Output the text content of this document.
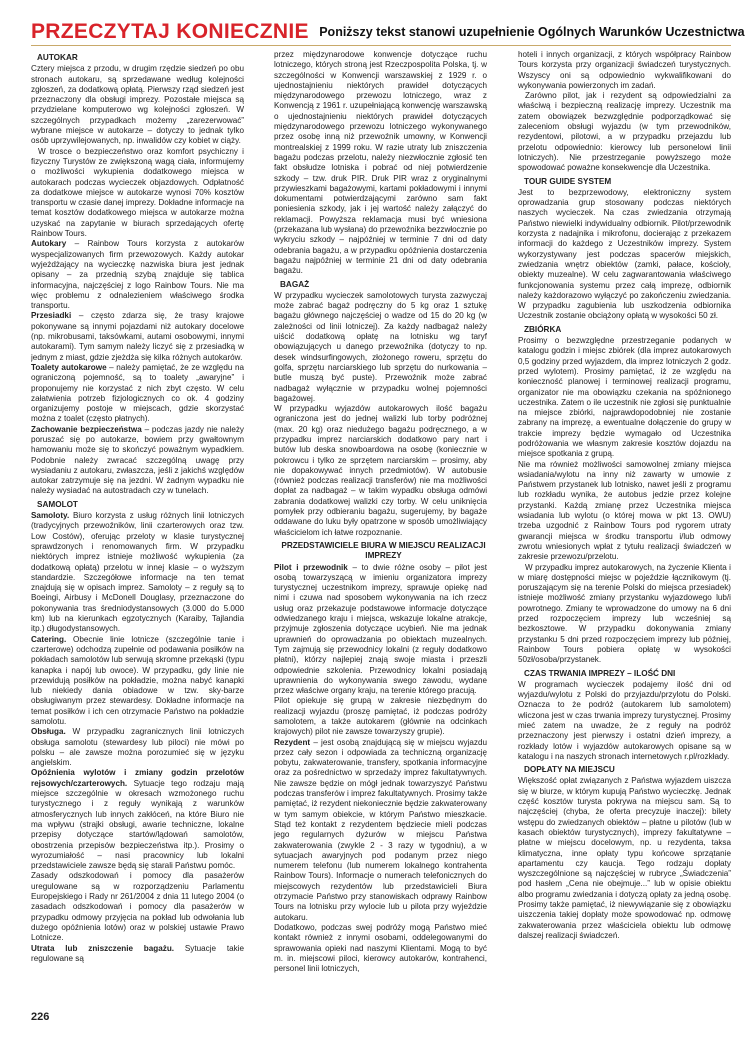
PRZECZYTAJ KONIECZNIE Poniższy tekst stanowi uzupełnienie Ogólnych Warunków Uczestnictwa
AUTOKAR

Cztery miejsca z przodu, w drugim rzędzie siedzeń po obu stronach autokaru, są sprzedawane według kolejności zgłoszeń, za dodatkową opłatą. Pierwszy rząd siedzeń jest przeznaczony dla obsługi imprezy. Pozostałe miejsca są przydzielane komputerowo wg kolejności zgłoszeń. W szczególnych przypadkach możemy „zarezerwować” wybrane miejsce w autokarze – dotyczy to jednak tylko osób uprzywilejowanych, np. inwalidów czy kobiet w ciąży.

W trosce o bezpieczeństwo oraz komfort psychiczny i fizyczny Turystów ze zwiększoną wagą ciała, informujemy o możliwości wykupienia dodatkowego miejsca w autokarach podczas wycieczek objazdowych. Odpłatność za dodatkowe miejsce w autokarze wynosi 70% kosztów transportu w czasie danej imprezy. Dokładne informacje na temat kosztów dodatkowego miejsca w autokarze można uzyskać na zapytanie w biurach sprzedających ofertę Rainbow Tours.

Autokary – Rainbow Tours korzysta z autokarów wyspecjalizowanych firm przewozowych. Każdy autokar wyjeżdżający na wycieczkę nazwiska biura jest jednak opisany – za przednią szybą znajduje się tablica informacyjna, najczęściej z logo Rainbow Tours. Nie ma więc problemu z odnalezieniem właściwego środka transportu.

Przesiadki – często zdarza się, że trasy krajowe pokonywane są innymi pojazdami niż autokary docelowe (np. mikrobusami, taksówkami, autami osobowymi, innymi autokarami). Tym samym należy liczyć się z przesiadką w jednym z miast, gdzie zjeżdża się kilka różnych autokarów.

Toalety autokarowe – należy pamiętać, że ze względu na ograniczoną pojemność, są to toalety „awaryjne” i proponujemy nie korzystać z nich zbyt często. W celu załatwienia potrzeb fizjologicznych co ok. 4 godziny organizujemy postoje w miejscach, gdzie skorzystać można z toalet (często płatnych).

Zachowanie bezpieczeństwa – podczas jazdy nie należy poruszać się po autokarze, bowiem przy gwałtownym hamowaniu może się to skończyć poważnym wypadkiem. Podobnie należy zwracać szczególną uwagę przy wysiadaniu z autokaru, zwłaszcza, jeśli z jakichś względów autokar zatrzymuje się na jezdni. W żadnym wypadku nie należy wysiadać na autostradach czy w tunelach.

SAMOLOT

Samoloty. Biuro korzysta z usług różnych linii lotniczych (tradycyjnych przewoźników, linii czarterowych oraz tzw. Low Costów), oferując przeloty w klasie turystycznej sprawdzonych i renomowanych firm. W przypadku niektórych imprez istnieje możliwość wykupienia (za dodatkową opłatą) przelotu w innej klasie – o wyższym standardzie. Szczegółowe informacje na ten temat znajdują się w opisach imprez. Samoloty – z reguły są to Boeingi, Airbusy i McDonell Douglasy, przeznaczone do pokonywania tras średniodystansowych (3.000 do 5.000 km) lub na kierunkach egzotycznych (Karaiby, Tajlandia itp.) długodystansowych.

Catering. Obecnie linie lotnicze (szczególnie tanie i czarterowe) odchodzą zupełnie od podawania posiłków na pokładach samolotów lub serwują skromne przekąski (typu kanapka i napój lub owoce). W przypadku, gdy linie nie przewidują posiłków na pokładzie, można nabyć kanapki lub niekiedy dania obiadowe w tzw. sky-barze obsługiwanym przez stewardesy. Dokładne informacje na temat posiłków i ich cen otrzymacie Państwo na pokładzie samolotu.

Obsługa. W przypadku zagranicznych linii lotniczych obsługa samolotu (stewardesy lub piloci) nie mówi po polsku – ale zawsze można porozumieć się w języku angielskim.

Opóźnienia wylotów i zmiany godzin przelotów rejsowych/czarterowych. Sytuacje tego rodzaju mają miejsce szczególnie w okresach wzmożonego ruchu turystycznego i z reguły wynikają z warunków atmosferycznych lub innych zakłóceń, na które Biuro nie ma wpływu (strajki obsługi, awarie techniczne, lokalne przepisy dotyczące startów/lądowań samolotów, obostrzenia przepisów bezpieczeństwa itp.). Prosimy o wyrozumiałość – nasi pracownicy lub lokalni przedstawiciele zawsze będą się starali Państwu pomóc.

Zasady odszkodowań i pomocy dla pasażerów uregulowane są w rozporządzeniu Parlamentu Europejskiego i Rady nr 261/2004 z dnia 11 lutego 2004 (o zasadach odszkodowań i pomocy dla pasażerów w przypadku odmowy przyjęcia na pokład lub odwołania lub dużego opóźnienia lotów) oraz w polskiej ustawie Prawo Lotnicze.

Utrata lub zniszczenie bagażu. Sytuacje takie regulowane są

przez międzynarodowe konwencje dotyczące ruchu lotniczego, których stroną jest Rzeczpospolita Polska, tj. w szczególności w Konwencji warszawskiej z 1929 r. o ujednostajnieniu niektórych prawideł dotyczących międzynarodowego przewozu lotniczego, wraz z Konwencją z 1961 r. uzupełniającą konwencję warszawską o ujednostajnieniu niektórych prawideł dotyczących międzynarodowego przewozu lotniczego wykonywanego przez osobę inną niż przewoźnik umowny, w Konwencji montrealskiej z 1999 roku. W razie utraty lub zniszczenia bagażu podczas przelotu, należy niezwłocznie zgłosić ten fakt obsłudze lotniska i pobrać od niej potwierdzenie szkody – tzw. druk PIR. Druk PIR wraz z oryginalnymi przywieszkami bagażowymi, kartami pokładowymi i innymi dokumentami potwierdzającymi zarówno sam fakt poniesienia szkody, jak i jej wartość należy załączyć do reklamacji. Powyższa reklamacja musi być wniesiona (przekazana lub wysłana) do przewoźnika bezzwłocznie po wykryciu szkody – najpóźniej w terminie 7 dni od daty odebrania bagażu, a w przypadku opóźnienia dostarczenia bagażu najpóźniej w terminie 21 dni od daty odebrania bagażu.

BAGAŻ

W przypadku wycieczek samolotowych turysta zazwyczaj może zabrać bagaż podręczny do 5 kg oraz 1 sztukę bagażu głównego najczęściej o wadze od 15 do 20 kg (w zależności od linii lotniczej). Za każdy nadbagaż należy uiścić dodatkową opłatę na lotnisku wg taryf obowiązujących u danego przewoźnika (dotyczy to np. desek windsurfingowych, złożonego roweru, sprzętu do golfa, sprzętu narciarskiego lub sprzętu do nurkowania – butle muszą być puste). Przewoźnik może zabrać nadbagaż wyłącznie w przypadku wolnej pojemności bagażowej.

W przypadku wyjazdów autokarowych ilość bagażu ograniczona jest do jednej walizki lub torby podróżnej (max. 20 kg) oraz niedużego bagażu podręcznego, a w przypadku imprez narciarskich dodatkowo pary nart i butów lub deska snowboardowa na osobę (koniecznie w pokrowcu i tylko ze sprzętem narciarskim – prosimy, aby nie dopakowywać innych przedmiotów). W autobusie (również podczas realizacji transferów) nie ma możliwości dopłat za nadbagaż – w takim wypadku obsługa odmówi zabrania dodatkowej walizki czy torby. W celu uniknięcia pomyłek przy odbieraniu bagażu, sugerujemy, by bagaże oddawane do luku były opatrzone w sposób umożliwiający właścicielom ich łatwe rozpoznanie.

PRZEDSTAWICIELE BIURA W MIEJSCU REALIZACJI IMPREZY

Pilot i przewodnik – to dwie różne osoby – pilot jest osobą towarzyszącą w imieniu organizatora imprezy turystycznej uczestnikom imprezy, sprawuje opiekę nad nimi i czuwa nad sposobem wykonywania na ich rzecz usług oraz przekazuje podstawowe informacje dotyczące odwiedzanego kraju i miejsca, wskazuje lokalne atrakcje, przyjmuje zgłoszenia dotyczące ucybień. Nie ma jednak uprawnień do oprowadzania po obiektach muzealnych. Tym zajmują się przewodnicy lokalni (z reguły dodatkowo płatni), którzy najlepiej znają swoje miasta i przeszli odpowiednie szkolenia. Przewodnicy lokalni posiadają uprawnienia do wykonywania swego zawodu, wydane przez właściwe organy kraju, na terenie którego pracują.

Pilot opiekuje się grupą w zakresie niezbędnym do realizacji wyjazdu (proszę pamiętać, iż podczas podróży samolotem, a także autokarem (głównie na odcinkach krajowych) pilot nie zawsze towarzyszy grupie).

Rezydent – jest osobą znajdującą się w miejscu wyjazdu przez cały sezon i odpowiada za techniczną organizację pobytu, zakwaterowanie, transfery, spotkania informacyjne oraz za pośrednictwo w sprzedaży imprez fakultatywnych. Nie zawsze będzie on mógł jednak towarzyszyć Państwu podczas transferów i imprez fakultatywnych. Prosimy także pamiętać, iż rezydent niekoniecznie będzie zakwaterowany w tym samym obiekcie, w którym Państwo mieszkacie. Stąd też kontakt z rezydentem będziecie mieli podczas jego regularnych dyżurów w miejscu Państwa zakwaterowania (zwykle 2 - 3 razy w tygodniu), a w sytuacjach awaryjnych pod podanym przez niego numerem telefonu (lub numerem lokalnego kontrahenta Rainbow Tours). Informacje o numerach telefonicznych do miejscowych rezydentów lub przedstawicieli Biura otrzymacie Państwo przy stanowiskach odprawy Rainbow Tours na lotnisku przy wylocie lub u pilota przy wyjeździe autokaru.

Dodatkowo, podczas swej podróży mogą Państwo mieć kontakt również z innymi osobami, oddelegowanymi do sprawowania opieki nad naszymi Klientami. Mogą to być m. in. miejscowi piloci, kierowcy autokarów, kontrahenci, personel linii lotniczych,

hoteli i innych organizacji, z których współpracy Rainbow Tours korzysta przy organizacji świadczeń turystycznych. Wszyscy oni są odpowiednio wykwalifikowani do wykonywania powierzonych im zadań.

Zarówno pilot, jak i rezydent są odpowiedzialni za właściwą i bezpieczną realizację imprezy. Uczestnik ma zatem obowiązek bezwzględnie podporządkować się zaleceniom obsługi wyjazdu (w tym przewodników, rezydentowi, pilotowi, a w przypadku przejazdu lub przelotu odpowiednio: kierowcy lub personelowi linii lotniczych). Nie przestrzeganie powyższego może spowodować poważne konsekwencje dla Uczestnika.

TOUR GUIDE SYSTEM

Jest to bezprzewodowy, elektroniczny system oprowadzania grup stosowany podczas niektórych naszych wycieczek. Na czas zwiedzania otrzymają Państwo niewielki indywidualny odbiornik. Pilot/przewodnik korzysta z nadajnika i mikrofonu, docierając z przekazem informacji do każdego z Uczestników imprezy. System wykorzystywany jest podczas spacerów miejskich, zwiedzania wnętrz obiektów (zamki, pałace, kościoły, obiekty muzealne). W celu zagwarantowania właściwego funkcjonowania systemu przez całą imprezę, odbiornik należy każdorazowo wyłączyć po zakończeniu zwiedzania. W przypadku zagubienia lub uszkodzenia odbiornika Uczestnik zostanie obciążony opłatą w wysokości 50 zł.

ZBIÓRKA

Prosimy o bezwzględne przestrzeganie podanych w katalogu godzin i miejsc zbiórek (dla imprez autokarowych 0,5 godziny przed wyjazdem, dla imprez lotniczych 2 godz. przed wylotem). Prosimy pamiętać, iż ze względu na konieczność planowej i terminowej realizacji programu, organizator nie ma obowiązku czekania na spóźnionego uczestnika. Zatem o ile uczestnik nie zgłosi się punktualnie na miejsce zbiórki, najprawdopodobniej nie zostanie zabrany na imprezę, a ewentualne dołączenie do grupy w trakcie imprezy będzie wymagało od Uczestnika podróżowania we własnym zakresie kosztów dojazdu na miejsce spotkania z grupą.

Nie ma również możliwości samowolnej zmiany miejsca wsiadania/wylotu na inny niż zawarty w umowie z Państwem przystanek lub lotnisko, nawet jeśli z programu lub rozkładu wynika, że autobus jedzie przez kolejne przystanki. Każdą zmianę przez Uczestnika miejsca wsiadania lub wylotu (o której mowa w pkt 13. OWU) trzeba uzgodnić z Rainbow Tours pod rygorem utraty gwarancji miejsca w środku transportu i/lub odmowy zwrotu wniesionych wpłat z tytułu realizacji świadczeń w zakresie przewozu/przelotu.

W przypadku imprez autokarowych, na życzenie Klienta i w miarę dostępności miejsc w pojeździe łącznikowym (tj. poruszającym się na terenie Polski do miejsca przesiadek) istnieje możliwość zmiany przystanku wyjazdowego lub/i powrotnego. Zmiany te wprowadzone do umowy na 6 dni przed rozpoczęciem imprezy lub wcześniej są bezkosztowe. W przypadku dokonywania zmiany przystanku 5 dni przed rozpoczęciem imprezy lub później, Rainbow Tours pobiera opłatę w wysokości 50zł/osoba/przystanek.

CZAS TRWANIA IMPREZY – ILOŚĆ DNI

W programach wycieczek podajemy ilość dni od wyjazdu/wylotu z Polski do przyjazdu/przylotu do Polski. Oznacza to że podróż (autokarem lub samolotem) wliczona jest w czas trwania imprezy turystycznej. Prosimy mieć zatem na uwadze, że z reguły na podróż przeznaczony jest pierwszy i ostatni dzień imprezy, a rozkłady lotów i wyjazdów autokarowych opisane są w katalogu i na naszych stronach internetowych r.pl/rozkłady.

DOPŁATY NA MIEJSCU

Większość opłat związanych z Państwa wyjazdem uiszcza się w biurze, w którym kupują Państwo wycieczkę. Jednak część kosztów turysta pokrywa na miejscu sam. Są to najczęściej (chyba, że oferta precyzuje inaczej): bilety wstępu do zwiedzanych obiektów – płatne u pilotów (lub w kasach obiektów turystycznych), imprezy fakultatywne – płatne w miejscu docelowym, np. u rezydenta, taksa klimatyczna, inne opłaty typu końcowe sprzątanie apartamentu czy kaucja. Tego rodzaju dopłaty wyszczególnione są najczęściej w rubryce „Świadczenia” pod hasłem „Cena nie obejmuje...” lub w opisie obiektu albo programu zwiedzania i dotyczą opłaty za jedną osobę. Prosimy także pamiętać, iż niewywiązanie się z obowiązku uiszczenia takiej dopłaty może spowodować np. odmowę zakwaterowania przez właściciela obiektu lub odmowę dalszej realizacji świadczeń.

226
